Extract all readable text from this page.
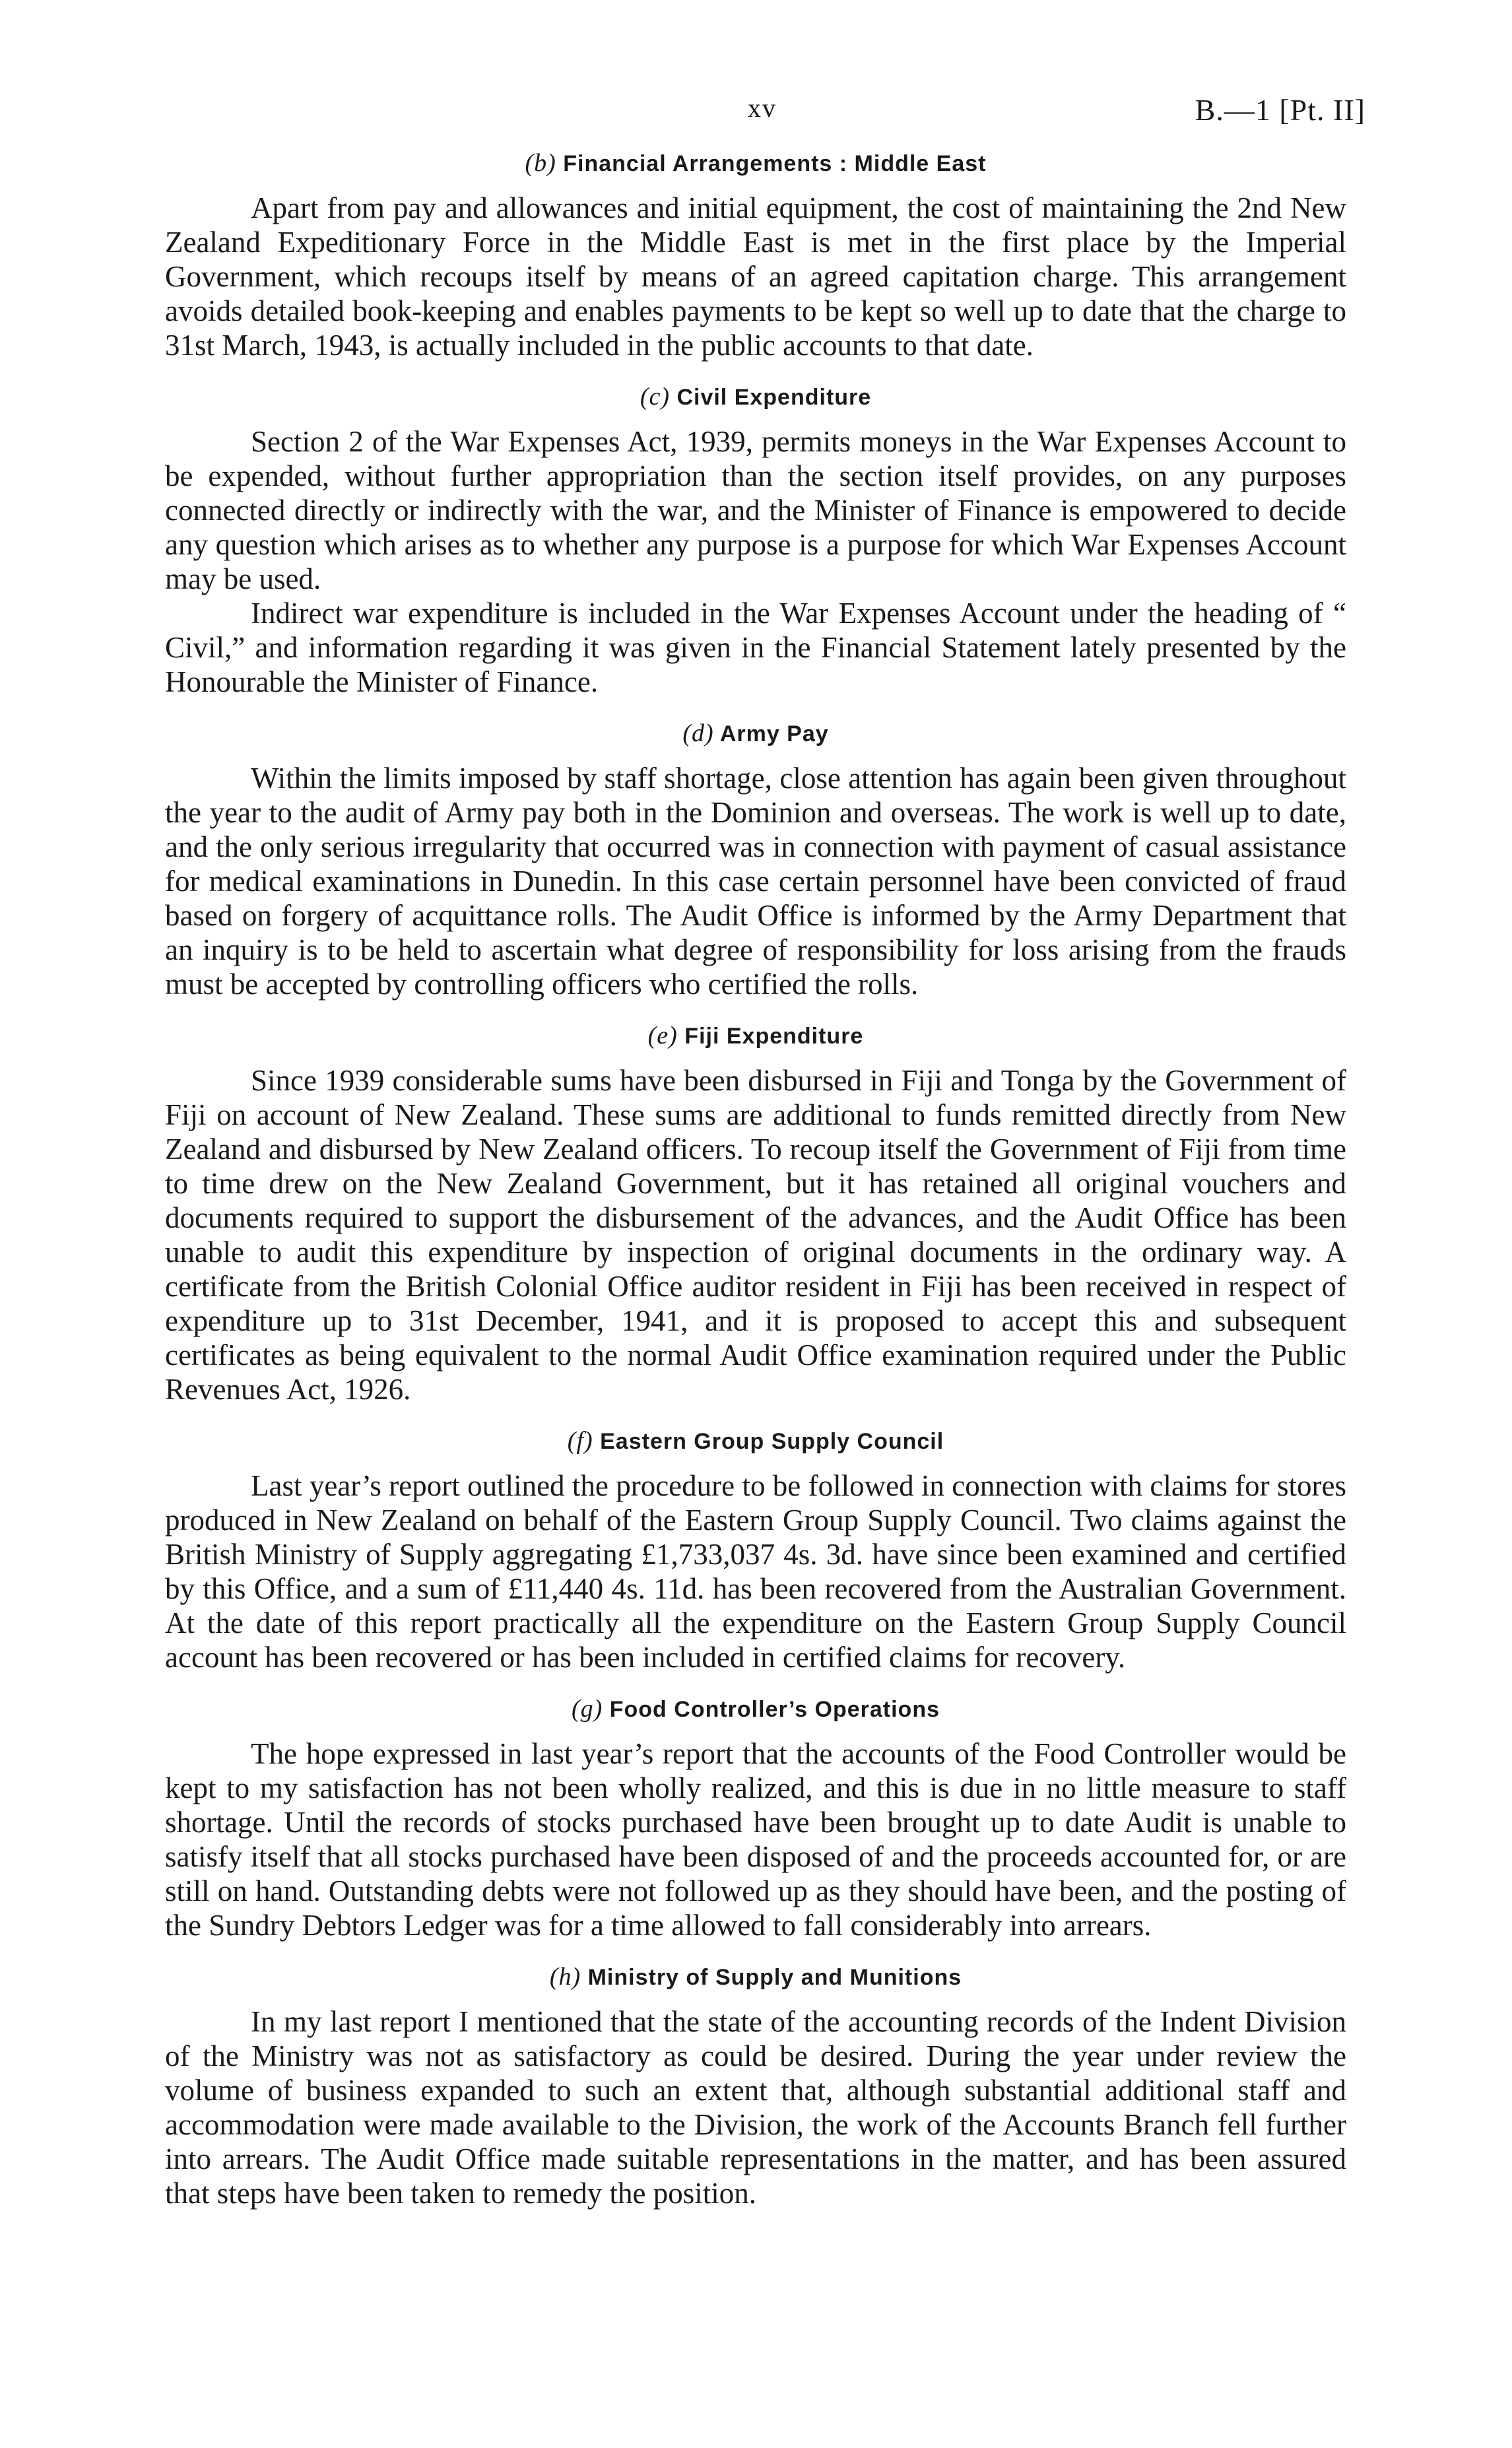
xv	B.—1 [Pt. II]
(b) Financial Arrangements : Middle East

Apart from pay and allowances and initial equipment, the cost of maintaining the 2nd New Zealand Expeditionary Force in the Middle East is met in the first place by the Imperial Government, which recoups itself by means of an agreed capitation charge. This arrangement avoids detailed book-keeping and enables payments to be kept so well up to date that the charge to 31st March, 1943, is actually included in the public accounts to that date.

(c) Civil Expenditure

Section 2 of the War Expenses Act, 1939, permits moneys in the War Expenses Account to be expended, without further appropriation than the section itself provides, on any purposes connected directly or indirectly with the war, and the Minister of Finance is empowered to decide any question which arises as to whether any purpose is a purpose for which War Expenses Account may be used.

Indirect war expenditure is included in the War Expenses Account under the heading of “ Civil,” and information regarding it was given in the Financial Statement lately presented by the Honourable the Minister of Finance.

(d) Army Pay

Within the limits imposed by staff shortage, close attention has again been given throughout the year to the audit of Army pay both in the Dominion and overseas. The work is well up to date, and the only serious irregularity that occurred was in connection with payment of casual assistance for medical examinations in Dunedin. In this case certain personnel have been convicted of fraud based on forgery of acquittance rolls. The Audit Office is informed by the Army Department that an inquiry is to be held to ascertain what degree of responsibility for loss arising from the frauds must be accepted by controlling officers who certified the rolls.

(e) Fiji Expenditure

Since 1939 considerable sums have been disbursed in Fiji and Tonga by the Government of Fiji on account of New Zealand. These sums are additional to funds remitted directly from New Zealand and disbursed by New Zealand officers. To recoup itself the Government of Fiji from time to time drew on the New Zealand Government, but it has retained all original vouchers and documents required to support the disbursement of the advances, and the Audit Office has been unable to audit this expenditure by inspection of original documents in the ordinary way. A certificate from the British Colonial Office auditor resident in Fiji has been received in respect of expenditure up to 31st December, 1941, and it is proposed to accept this and subsequent certificates as being equivalent to the normal Audit Office examination required under the Public Revenues Act, 1926.

(f) Eastern Group Supply Council

Last year’s report outlined the procedure to be followed in connection with claims for stores produced in New Zealand on behalf of the Eastern Group Supply Council. Two claims against the British Ministry of Supply aggregating £1,733,037 4s. 3d. have since been examined and certified by this Office, and a sum of £11,440 4s. 11d. has been recovered from the Australian Government. At the date of this report practically all the expenditure on the Eastern Group Supply Council account has been recovered or has been included in certified claims for recovery.

(g) Food Controller’s Operations

The hope expressed in last year’s report that the accounts of the Food Controller would be kept to my satisfaction has not been wholly realized, and this is due in no little measure to staff shortage. Until the records of stocks purchased have been brought up to date Audit is unable to satisfy itself that all stocks purchased have been disposed of and the proceeds accounted for, or are still on hand. Outstanding debts were not followed up as they should have been, and the posting of the Sundry Debtors Ledger was for a time allowed to fall considerably into arrears.

(h) Ministry of Supply and Munitions

In my last report I mentioned that the state of the accounting records of the Indent Division of the Ministry was not as satisfactory as could be desired. During the year under review the volume of business expanded to such an extent that, although substantial additional staff and accommodation were made available to the Division, the work of the Accounts Branch fell further into arrears. The Audit Office made suitable representations in the matter, and has been assured that steps have been taken to remedy the position.
